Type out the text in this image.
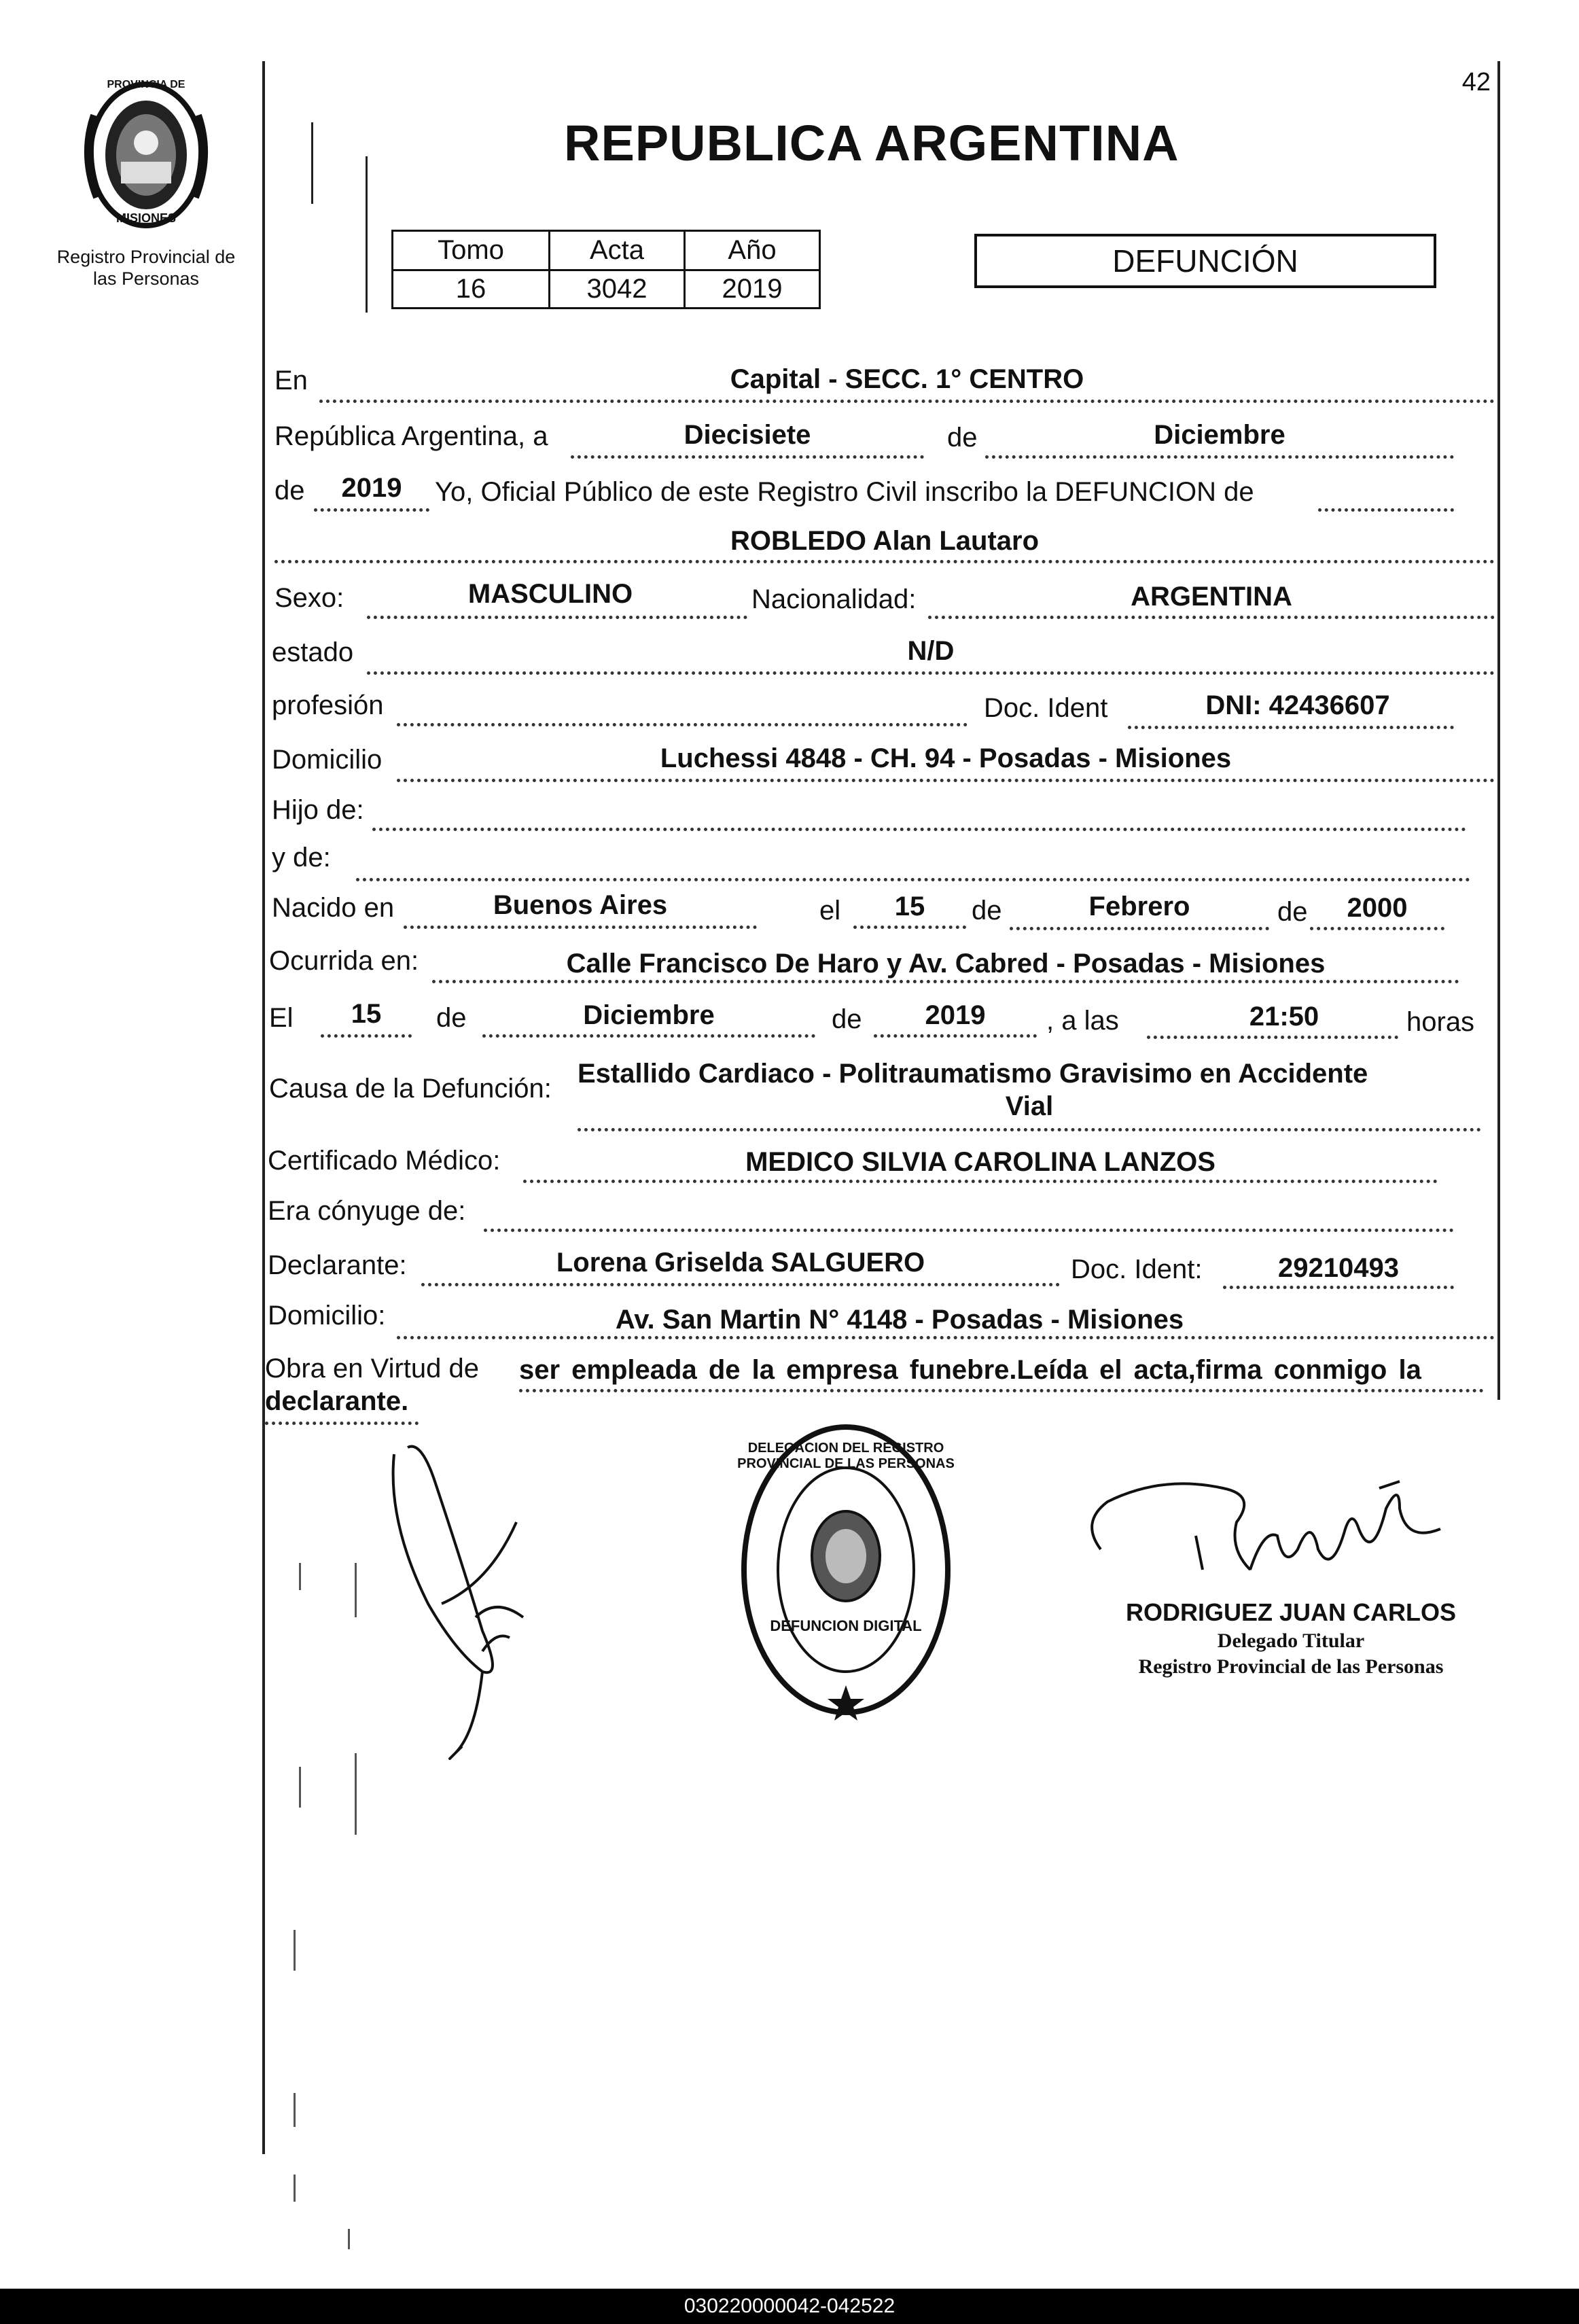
42
PROVINCIA DE
MISIONES
Registro Provincial de
las Personas
REPUBLICA ARGENTINA
Tomo	Acta	Año
16	3042	2019
DEFUNCIÓN
En	Capital - SECC. 1° CENTRO
República Argentina, a	Diecisiete	de	Diciembre
de	2019	Yo, Oficial Público de este Registro Civil inscribo la DEFUNCION de
ROBLEDO Alan Lautaro
Sexo:	MASCULINO	Nacionalidad:	ARGENTINA
estado	N/D
profesión	Doc. Ident	DNI: 42436607
Domicilio	Luchessi 4848 - CH. 94 - Posadas - Misiones
Hijo de:
y de:
Nacido en	Buenos Aires	el	15	de	Febrero	de	2000
Ocurrida en:	Calle Francisco De Haro y Av. Cabred - Posadas - Misiones
El	15	de	Diciembre	de	2019	, a las	21:50	horas
Causa de la Defunción: Estallido Cardiaco - Politraumatismo Gravisimo en Accidente
Vial
Certificado Médico:	MEDICO SILVIA CAROLINA LANZOS
Era cónyuge de:
Declarante:	Lorena Griselda SALGUERO	Doc. Ident:	29210493
Domicilio:	Av. San Martin N° 4148 - Posadas - Misiones
Obra en Virtud de ser empleada de la empresa funebre.Leída el acta,firma conmigo la
declarante.
DELEGACION DEL REGISTRO PROVINCIAL DE LAS PERSONAS
DEFUNCION DIGITAL	RODRIGUEZ JUAN CARLOS
Delegado Titular
Registro Provincial de las Personas
030220000042-042522
